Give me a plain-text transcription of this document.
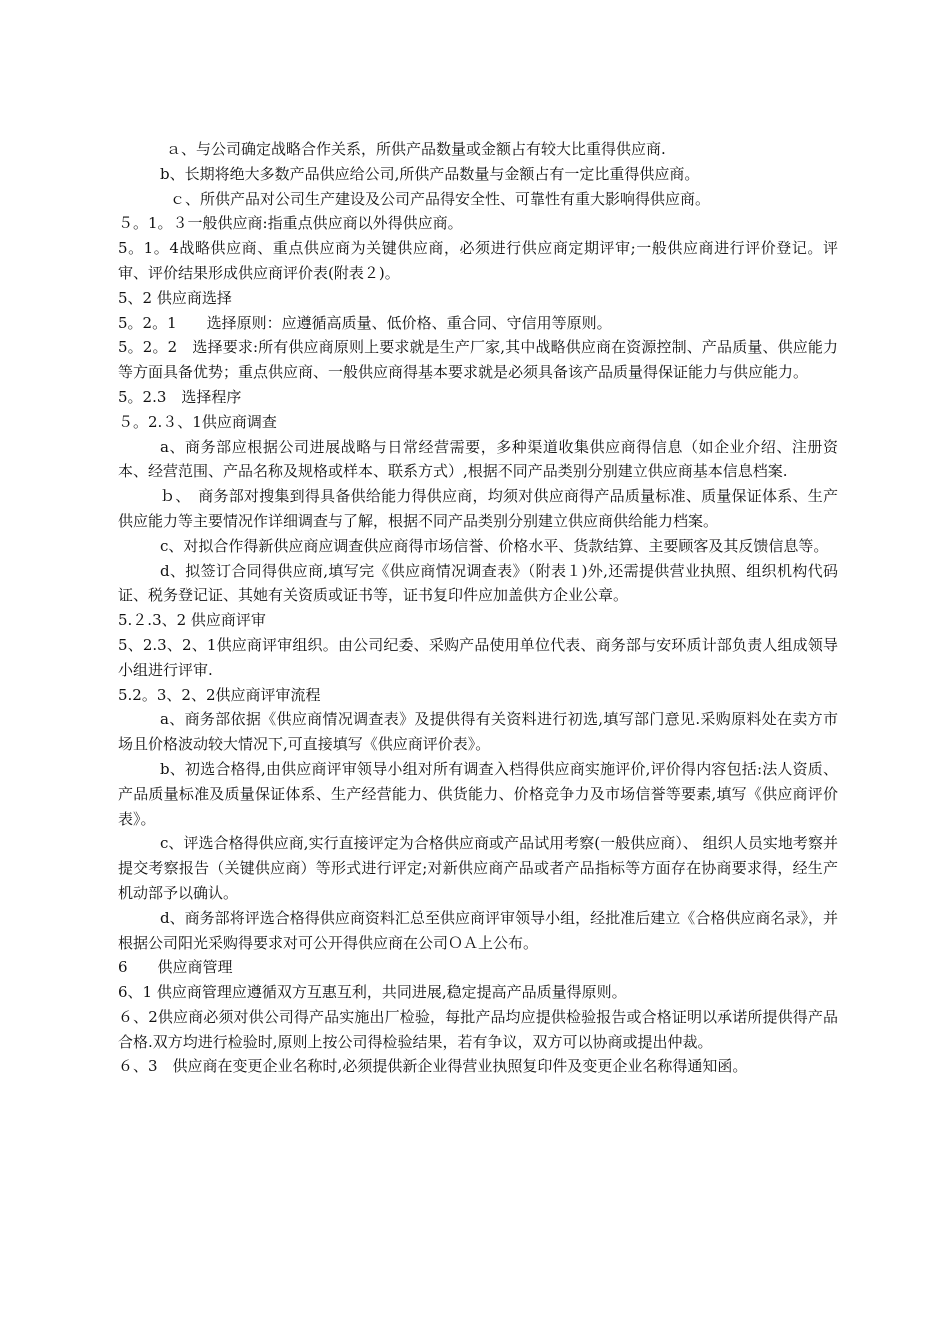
ａ、与公司确定战略合作关系，所供产品数量或金额占有较大比重得供应商.

b、长期将绝大多数产品供应给公司,所供产品数量与金额占有一定比重得供应商。

ｃ、所供产品对公司生产建设及公司产品得安全性、可靠性有重大影响得供应商。

５。1。３一般供应商:指重点供应商以外得供应商。

5。1。4战略供应商、重点供应商为关键供应商，必须进行供应商定期评审;一般供应商进行评价登记。评审、评价结果形成供应商评价表(附表２)。

5、2 供应商选择

5。2。1　　选择原则：应遵循高质量、低价格、重合同、守信用等原则。

5。2。2　选择要求:所有供应商原则上要求就是生产厂家,其中战略供应商在资源控制、产品质量、供应能力等方面具备优势；重点供应商、一般供应商得基本要求就是必须具备该产品质量得保证能力与供应能力。

5。2.3　选择程序

５。2.３、1供应商调查

a、商务部应根据公司进展战略与日常经营需要，多种渠道收集供应商得信息（如企业介绍、注册资本、经营范围、产品名称及规格或样本、联系方式）,根据不同产品类别分别建立供应商基本信息档案.

ｂ、　商务部对搜集到得具备供给能力得供应商，均须对供应商得产品质量标准、质量保证体系、生产供应能力等主要情况作详细调查与了解，根据不同产品类别分别建立供应商供给能力档案。

c、对拟合作得新供应商应调查供应商得市场信誉、价格水平、货款结算、主要顾客及其反馈信息等。

d、拟签订合同得供应商,填写完《供应商情况调查表》（附表１)外,还需提供营业执照、组织机构代码证、税务登记证、其她有关资质或证书等，证书复印件应加盖供方企业公章。

5.２.3、2 供应商评审

5、2.3、2、1供应商评审组织。由公司纪委、采购产品使用单位代表、商务部与安环质计部负责人组成领导小组进行评审.

5.2。3、2、2供应商评审流程

a、商务部依据《供应商情况调查表》及提供得有关资料进行初选,填写部门意见.采购原料处在卖方市场且价格波动较大情况下,可直接填写《供应商评价表》。

b、初选合格得,由供应商评审领导小组对所有调查入档得供应商实施评价,评价得内容包括:法人资质、产品质量标准及质量保证体系、生产经营能力、供货能力、价格竞争力及市场信誉等要素,填写《供应商评价表》。

c、评选合格得供应商,实行直接评定为合格供应商或产品试用考察(一般供应商）、 组织人员实地考察并提交考察报告（关键供应商）等形式进行评定;对新供应商产品或者产品指标等方面存在协商要求得，经生产机动部予以确认。

d、商务部将评选合格得供应商资料汇总至供应商评审领导小组，经批准后建立《合格供应商名录》，并根据公司阳光采购得要求对可公开得供应商在公司ＯＡ上公布。

6　　供应商管理

6、1 供应商管理应遵循双方互惠互利，共同进展,稳定提高产品质量得原则。

６、2供应商必须对供公司得产品实施出厂检验，每批产品均应提供检验报告或合格证明以承诺所提供得产品合格.双方均进行检验时,原则上按公司得检验结果，若有争议，双方可以协商或提出仲裁。

６、3　供应商在变更企业名称时,必须提供新企业得营业执照复印件及变更企业名称得通知函。
